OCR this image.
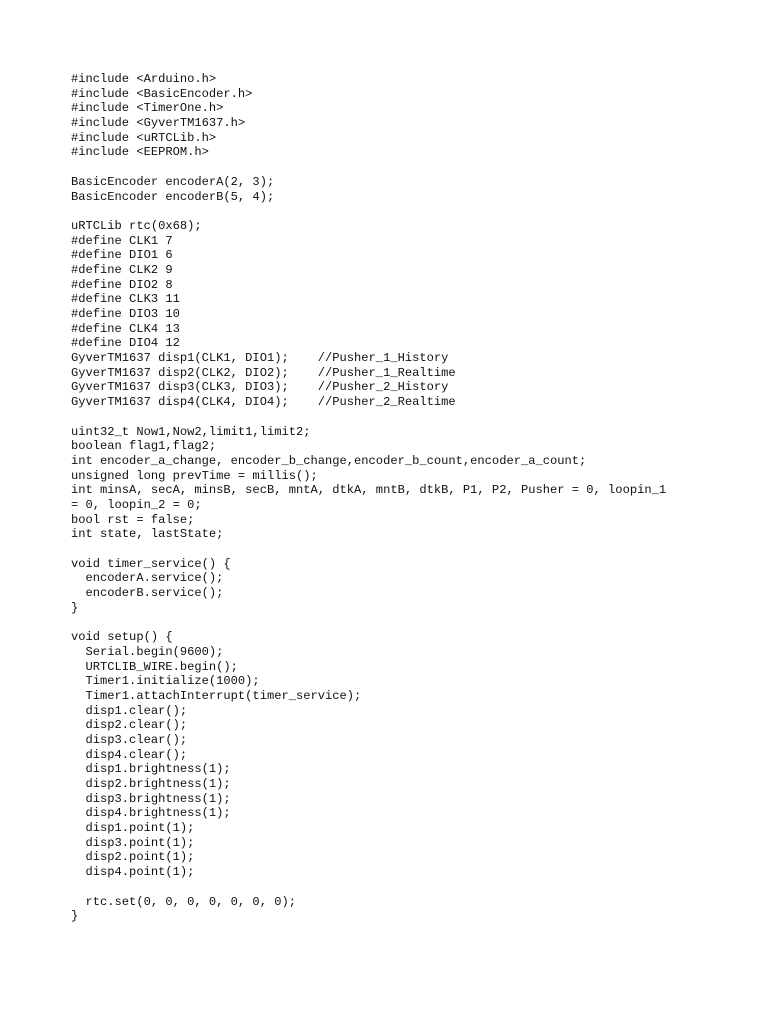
#include <Arduino.h>
#include <BasicEncoder.h>
#include <TimerOne.h>
#include <GyverTM1637.h>
#include <uRTCLib.h>
#include <EEPROM.h>
BasicEncoder encoderA(2, 3);
BasicEncoder encoderB(5, 4);
uRTCLib rtc(0x68);
#define CLK1 7
#define DIO1 6
#define CLK2 9
#define DIO2 8
#define CLK3 11
#define DIO3 10
#define CLK4 13
#define DIO4 12
GyverTM1637 disp1(CLK1, DIO1);    //Pusher_1_History
GyverTM1637 disp2(CLK2, DIO2);    //Pusher_1_Realtime
GyverTM1637 disp3(CLK3, DIO3);    //Pusher_2_History
GyverTM1637 disp4(CLK4, DIO4);    //Pusher_2_Realtime
uint32_t Now1,Now2,limit1,limit2;
boolean flag1,flag2;
int encoder_a_change, encoder_b_change,encoder_b_count,encoder_a_count;
unsigned long prevTime = millis();
int minsA, secA, minsB, secB, mntA, dtkA, mntB, dtkB, P1, P2, Pusher = 0, loopin_1
= 0, loopin_2 = 0;
bool rst = false;
int state, lastState;
void timer_service() {
encoderA.service();
encoderB.service();
}
void setup() {
Serial.begin(9600);
URTCLIB_WIRE.begin();
Timer1.initialize(1000);
Timer1.attachInterrupt(timer_service);
disp1.clear();
disp2.clear();
disp3.clear();
disp4.clear();
disp1.brightness(1);
disp2.brightness(1);
disp3.brightness(1);
disp4.brightness(1);
disp1.point(1);
disp3.point(1);
disp2.point(1);
disp4.point(1);
rtc.set(0, 0, 0, 0, 0, 0, 0);
}
